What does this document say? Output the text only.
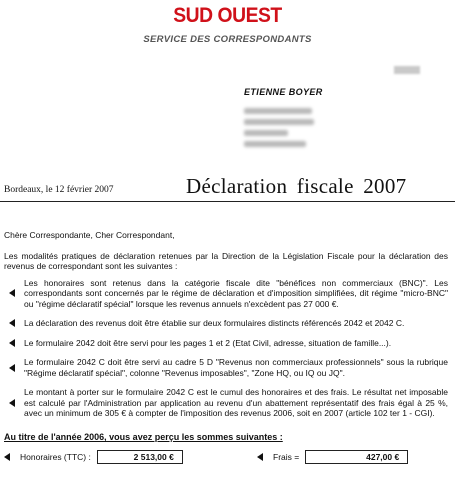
SUD OUEST
SERVICE DES CORRESPONDANTS
ETIENNE BOYER
Bordeaux, le 12 février 2007	Déclaration fiscale 2007

Chère Correspondante, Cher Correspondant,

Les modalités pratiques de déclaration retenues par la Direction de la Législation Fiscale pour la déclaration des revenus de correspondant sont les suivantes :

Les honoraires sont retenus dans la catégorie fiscale dite "bénéfices non commerciaux (BNC)". Les correspondants sont concernés par le régime de déclaration et d'imposition simplifiées, dit régime "micro-BNC" ou "régime déclaratif spécial" lorsque les revenus annuels n'excèdent pas 27 000 €.
La déclaration des revenus doit être établie sur deux formulaires distincts référencés 2042 et 2042 C.
Le formulaire 2042 doit être servi pour les pages 1 et 2 (Etat Civil, adresse, situation de famille...).
Le formulaire 2042 C doit être servi au cadre 5 D "Revenus non commerciaux professionnels" sous la rubrique "Régime déclaratif spécial", colonne "Revenus imposables", "Zone HQ, ou IQ ou JQ".
Le montant à porter sur le formulaire 2042 C est le cumul des honoraires et des frais. Le résultat net imposable est calculé par l'Administration par application au revenu d'un abattement représentatif des frais égal à 25 %, avec un minimum de 305 € à compter de l'imposition des revenus 2006, soit en 2007 (article 102 ter 1 - CGI).
Au titre de l'année 2006, vous avez perçu les sommes suivantes :
Honoraires (TTC) :	2 513,00 €	Frais =	427,00 €
